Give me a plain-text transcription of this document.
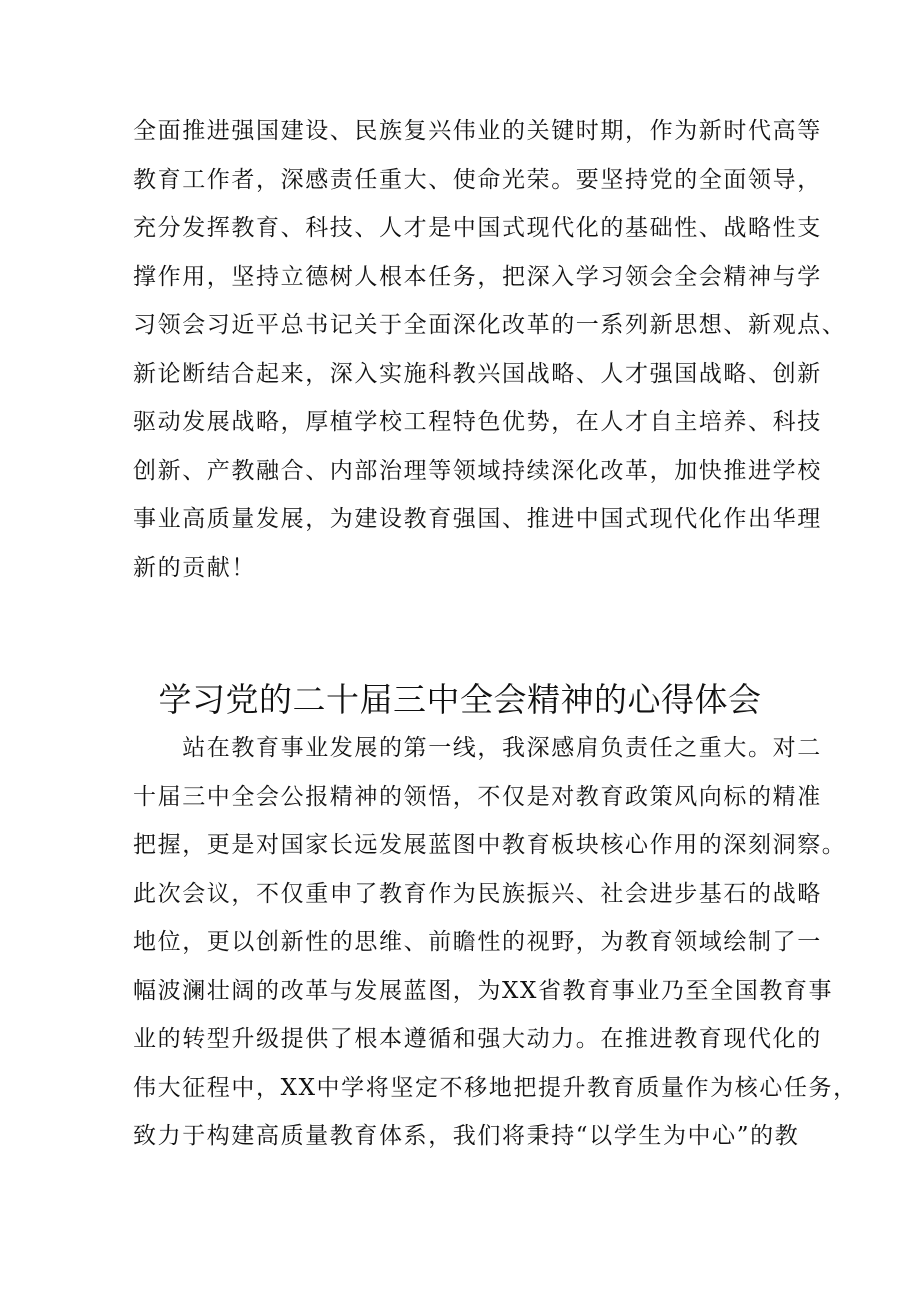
全面推进强国建设、民族复兴伟业的关键时期，作为新时代高等
教育工作者，深感责任重大、使命光荣。要坚持党的全面领导，
充分发挥教育、科技、人才是中国式现代化的基础性、战略性支
撑作用，坚持立德树人根本任务，把深入学习领会全会精神与学
习领会习近平总书记关于全面深化改革的一系列新思想、新观点、
新论断结合起来，深入实施科教兴国战略、人才强国战略、创新
驱动发展战略，厚植学校工程特色优势，在人才自主培养、科技
创新、产教融合、内部治理等领域持续深化改革，加快推进学校
事业高质量发展，为建设教育强国、推进中国式现代化作出华理
新的贡献！
学习党的二十届三中全会精神的心得体会
　　站在教育事业发展的第一线，我深感肩负责任之重大。对二
十届三中全会公报精神的领悟，不仅是对教育政策风向标的精准
把握，更是对国家长远发展蓝图中教育板块核心作用的深刻洞察。
此次会议，不仅重申了教育作为民族振兴、社会进步基石的战略
地位，更以创新性的思维、前瞻性的视野，为教育领域绘制了一
幅波澜壮阔的改革与发展蓝图，为XX省教育事业乃至全国教育事
业的转型升级提供了根本遵循和强大动力。在推进教育现代化的
伟大征程中，XX中学将坚定不移地把提升教育质量作为核心任务，
致力于构建高质量教育体系，我们将秉持“以学生为中心”的教
